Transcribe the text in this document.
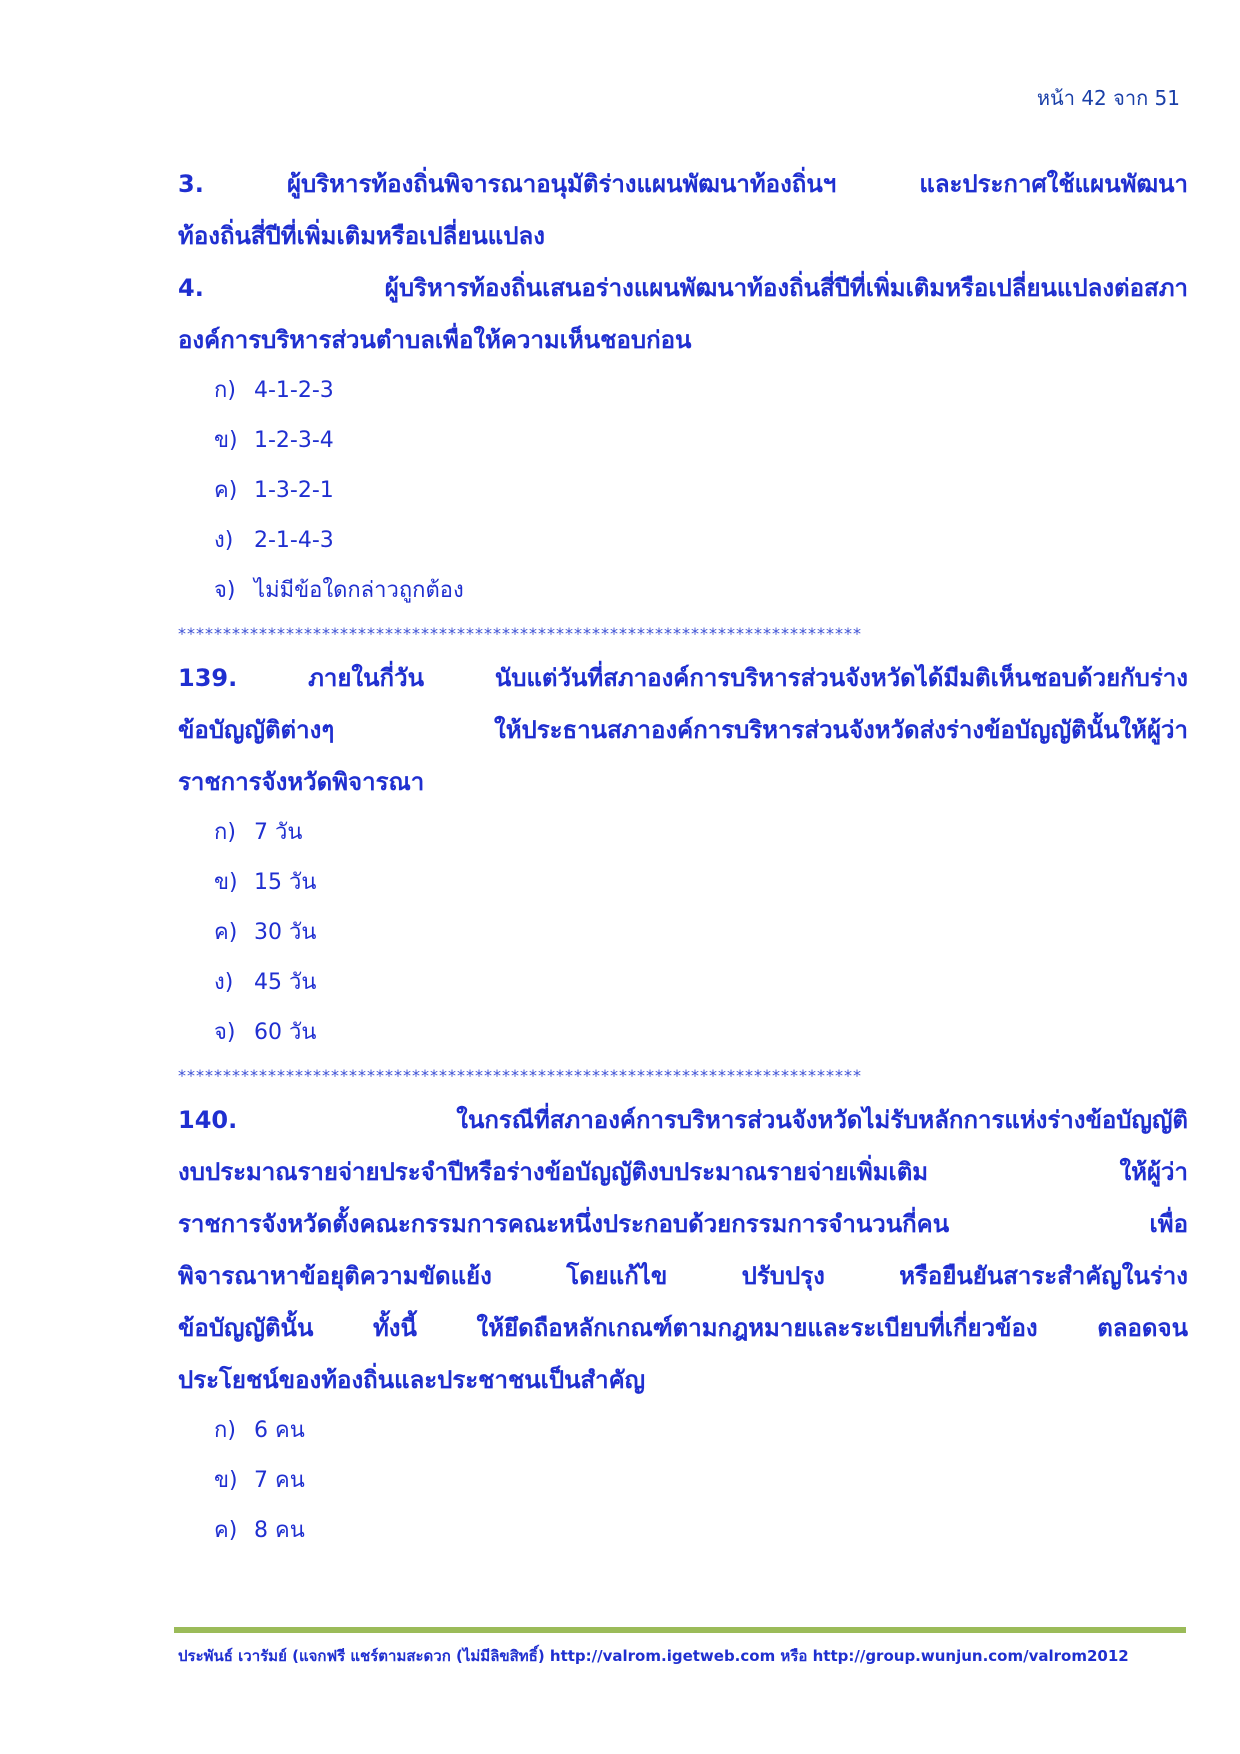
หน้า 42 จาก 51
3. ผู้บริหารท้องถิ่นพิจารณาอนุมัติร่างแผนพัฒนาท้องถิ่นฯ และประกาศใช้แผนพัฒนา
ท้องถิ่นสี่ปีที่เพิ่มเติมหรือเปลี่ยนแปลง
4. ผู้บริหารท้องถิ่นเสนอร่างแผนพัฒนาท้องถิ่นสี่ปีที่เพิ่มเติมหรือเปลี่ยนแปลงต่อสภา
องค์การบริหารส่วนตำบลเพื่อให้ความเห็นชอบก่อน
ก) 4-1-2-3
ข) 1-2-3-4
ค) 1-3-2-1
ง) 2-1-4-3
จ) ไม่มีข้อใดกล่าวถูกต้อง
****************************************************************************
139. ภายในกี่วัน นับแต่วันที่สภาองค์การบริหารส่วนจังหวัดได้มีมติเห็นชอบด้วยกับร่าง
ข้อบัญญัติต่างๆ ให้ประธานสภาองค์การบริหารส่วนจังหวัดส่งร่างข้อบัญญัตินั้นให้ผู้ว่า
ราชการจังหวัดพิจารณา
ก) 7 วัน
ข) 15 วัน
ค) 30 วัน
ง) 45 วัน
จ) 60 วัน
****************************************************************************
140.	ในกรณีที่สภาองค์การบริหารส่วนจังหวัดไม่รับหลักการแห่งร่างข้อบัญญัติ
งบประมาณรายจ่ายประจำปีหรือร่างข้อบัญญัติงบประมาณรายจ่ายเพิ่มเติม ให้ผู้ว่า
ราชการจังหวัดตั้งคณะกรรมการคณะหนึ่งประกอบด้วยกรรมการจำนวนกี่คน เพื่อ
พิจารณาหาข้อยุติความขัดแย้ง โดยแก้ไข ปรับปรุง หรือยืนยันสาระสำคัญในร่าง
ข้อบัญญัตินั้น ทั้งนี้ ให้ยึดถือหลักเกณฑ์ตามกฎหมายและระเบียบที่เกี่ยวข้อง ตลอดจน
ประโยชน์ของท้องถิ่นและประชาชนเป็นสำคัญ
ก) 6 คน
ข) 7 คน
ค) 8 คน
ประพันธ์ เวารัมย์ (แจกฟรี แชร์ตามสะดวก (ไม่มีลิขสิทธิ์) http://valrom.igetweb.com หรือ http://group.wunjun.com/valrom2012
